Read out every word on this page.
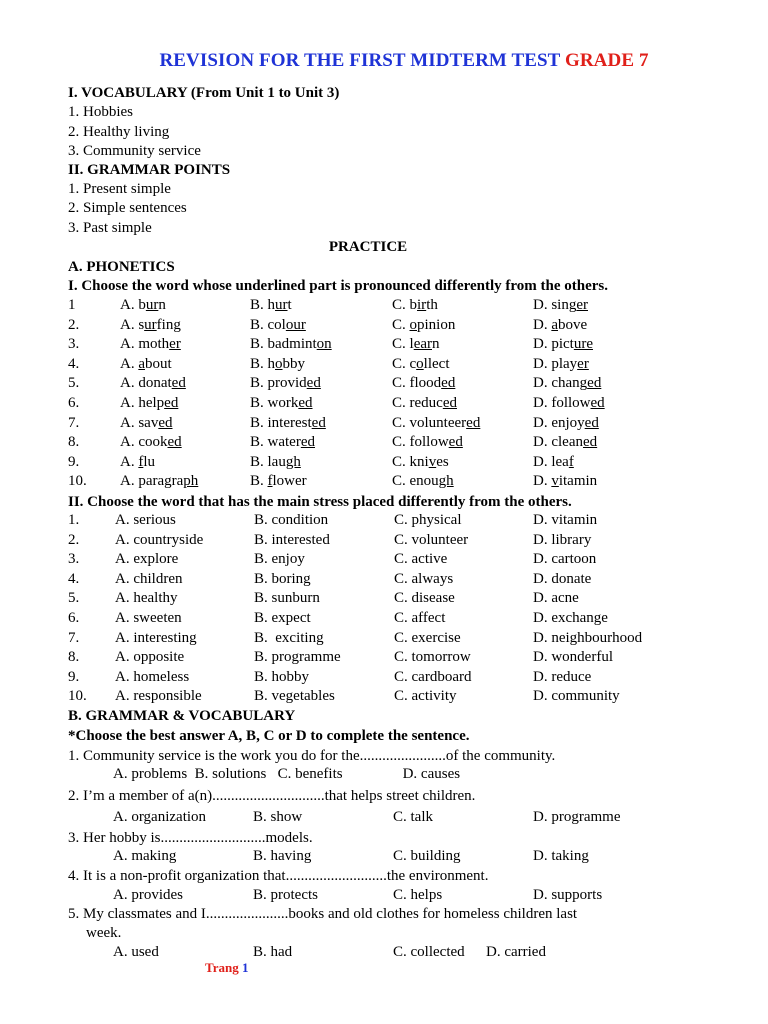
REVISION FOR THE FIRST MIDTERM TEST GRADE 7
I. VOCABULARY (From Unit 1 to Unit 3)
1. Hobbies
2. Healthy living
3. Community service
II. GRAMMAR POINTS
1. Present simple
2. Simple sentences
3. Past simple
PRACTICE
A. PHONETICS
I. Choose the word whose underlined part is pronounced differently from the others.
1	A. burn	B. hurt	C. birth	D. singer
2.	A. surfing	B. colour	C. opinion	D. above
3.	A. mother	B. badminton	C. learn	D. picture
4.	A. about	B. hobby	C. collect	D. player
5.	A. donated	B. provided	C. flooded	D. changed
6.	A. helped	B. worked	C. reduced	D. followed
7.	A. saved	B. interested	C. volunteered	D. enjoyed
8.	A. cooked	B. watered	C. followed	D. cleaned
9.	A. flu	B. laugh	C. knives	D. leaf
10. A. paragraph	B. flower	C. enough	D. vitamin
II. Choose the word that has the main stress placed differently from the others.
1. A. serious	B. condition	C. physical	D. vitamin
2. A. countryside	B. interested	C. volunteer	D. library
3. A. explore	B. enjoy	C. active	D. cartoon
4. A. children	B. boring	C. always	D. donate
5. A. healthy	B. sunburn	C. disease	D. acne
6. A. sweeten	B. expect	C. affect	D. exchange
7. A. interesting	B.  exciting	C. exercise	D. neighbourhood
8. A. opposite	B. programme	C. tomorrow	D. wonderful
9. A. homeless	B. hobby	C. cardboard	D. reduce
10. A. responsible	B. vegetables	C. activity	D. community
B. GRAMMAR & VOCABULARY
*Choose the best answer A, B, C or D to complete the sentence.
1. Community service is the work you do for the.......................of the community.
A. problems  B. solutions   C. benefits                D. causes
2. I’m a member of a(n)..............................that helps street children.
A. organization	B. show	C. talk	D. programme
3. Her hobby is............................models.
A. making	B. having	C. building	D. taking
4. It is a non-profit organization that...........................the environment.
A. provides	B. protects	C. helps	D. supports
5. My classmates and I......................books and old clothes for homeless children last
week.
A. used	B. had	C. collected D. carried
Trang 1
